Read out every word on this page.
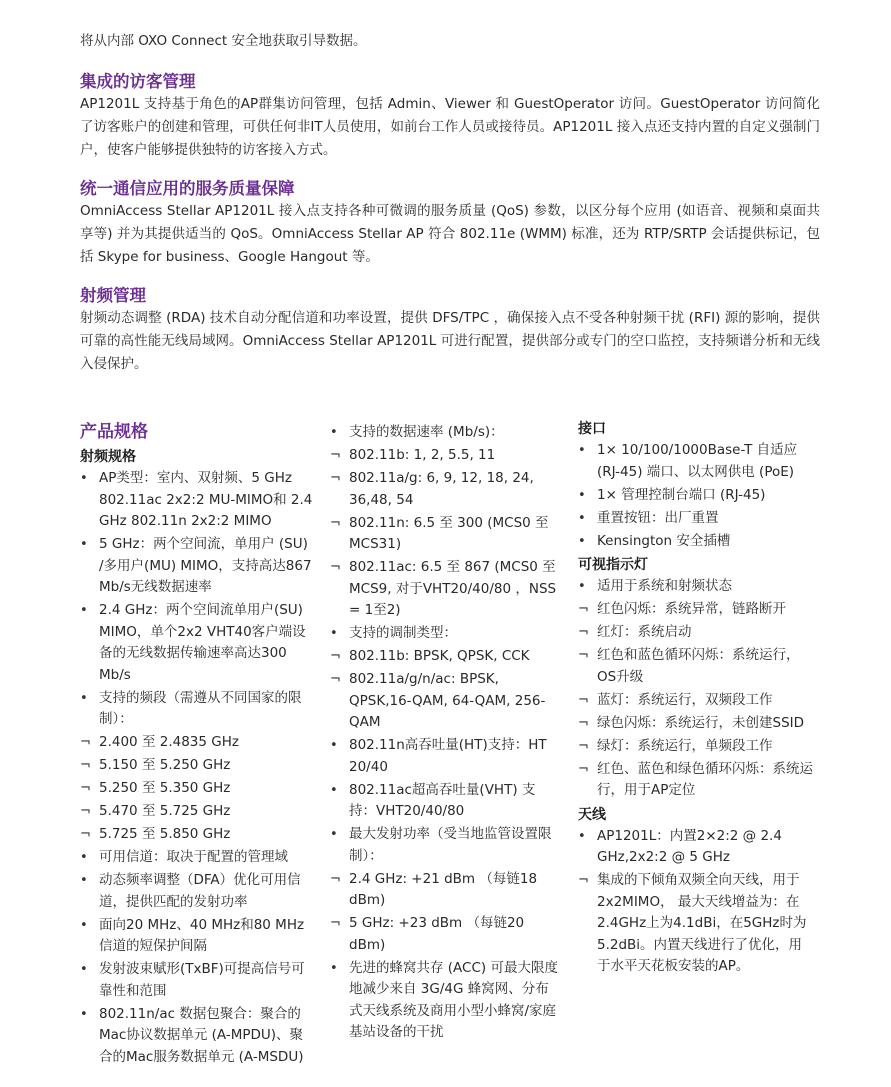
将从内部 OXO Connect 安全地获取引导数据。

集成的访客管理

AP1201L 支持基于角色的AP群集访问管理，包括 Admin、Viewer 和 GuestOperator 访问。GuestOperator 访问简化了访客账户的创建和管理，可供任何非IT人员使用，如前台工作人员或接待员。AP1201L 接入点还支持内置的自定义强制门户，使客户能够提供独特的访客接入方式。

统一通信应用的服务质量保障

OmniAccess Stellar AP1201L 接入点支持各种可微调的服务质量 (QoS) 参数，以区分每个应用 (如语音、视频和桌面共享等) 并为其提供适当的 QoS。OmniAccess Stellar AP 符合 802.11e (WMM) 标准，还为 RTP/SRTP 会话提供标记，包括 Skype for business、Google Hangout 等。

射频管理

射频动态调整 (RDA) 技术自动分配信道和功率设置，提供 DFS/TPC ，确保接入点不受各种射频干扰 (RFI) 源的影响，提供可靠的高性能无线局域网。OmniAccess Stellar AP1201L 可进行配置，提供部分或专门的空口监控，支持频谱分析和无线入侵保护。

产品规格
射频规格
• AP类型：室内、双射频、5 GHz 802.11ac 2x2:2 MU-MIMO和 2.4 GHz 802.11n 2x2:2 MIMO
• 5 GHz：两个空间流，单用户 (SU) /多用户(MU) MIMO，支持高达867 Mb/s无线数据速率
• 2.4 GHz：两个空间流单用户(SU) MIMO，单个2x2 VHT40客户端设备的无线数据传输速率高达300 Mb/s
• 支持的频段（需遵从不同国家的限制）：
¬ 2.400 至 2.4835 GHz
¬ 5.150 至 5.250 GHz
¬ 5.250 至 5.350 GHz
¬ 5.470 至 5.725 GHz
¬ 5.725 至 5.850 GHz
• 可用信道：取决于配置的管理域
• 动态频率调整（DFA）优化可用信道，提供匹配的发射功率
• 面向20 MHz、40 MHz和80 MHz信道的短保护间隔
• 发射波束赋形(TxBF)可提高信号可靠性和范围
• 802.11n/ac 数据包聚合：聚合的Mac协议数据单元 (A-MPDU)、聚合的Mac服务数据单元 (A-MSDU)
• 支持的数据速率 (Mb/s)：
¬ 802.11b: 1, 2, 5.5, 11
¬ 802.11a/g: 6, 9, 12, 18, 24, 36,48, 54
¬ 802.11n: 6.5 至 300 (MCS0 至 MCS31)
¬ 802.11ac: 6.5 至 867 (MCS0 至MCS9, 对于VHT20/40/80 ，NSS = 1至2)
• 支持的调制类型：
¬ 802.11b: BPSK, QPSK, CCK
¬ 802.11a/g/n/ac: BPSK, QPSK,16-QAM, 64-QAM, 256-QAM
• 802.11n高吞吐量(HT)支持：HT 20/40
• 802.11ac超高吞吐量(VHT) 支持：VHT20/40/80
• 最大发射功率（受当地监管设置限制）：
¬ 2.4 GHz: +21 dBm （每链18 dBm)
¬ 5 GHz: +23 dBm （每链20 dBm)
• 先进的蜂窝共存 (ACC) 可最大限度地减少来自 3G/4G 蜂窝网、分布式天线系统及商用小型小蜂窝/家庭基站设备的干扰
接口
• 1× 10/100/1000Base-T 自适应 (RJ-45) 端口、以太网供电 (PoE)
• 1× 管理控制台端口 (RJ-45)
• 重置按钮：出厂重置
• Kensington 安全插槽
可视指示灯
• 适用于系统和射频状态
¬ 红色闪烁：系统异常，链路断开
¬ 红灯：系统启动
¬ 红色和蓝色循环闪烁：系统运行，OS升级
¬ 蓝灯：系统运行，双频段工作
¬ 绿色闪烁：系统运行，未创建SSID
¬ 绿灯：系统运行，单频段工作
¬ 红色、蓝色和绿色循环闪烁：系统运行，用于AP定位
天线
• AP1201L：内置2×2:2 @ 2.4 GHz,2x2:2 @ 5 GHz
¬ 集成的下倾角双频全向天线，用于2x2MIMO， 最大天线增益为：在 2.4GHz上为4.1dBi，在5GHz时为5.2dBi。内置天线进行了优化，用于水平天花板安装的AP。
